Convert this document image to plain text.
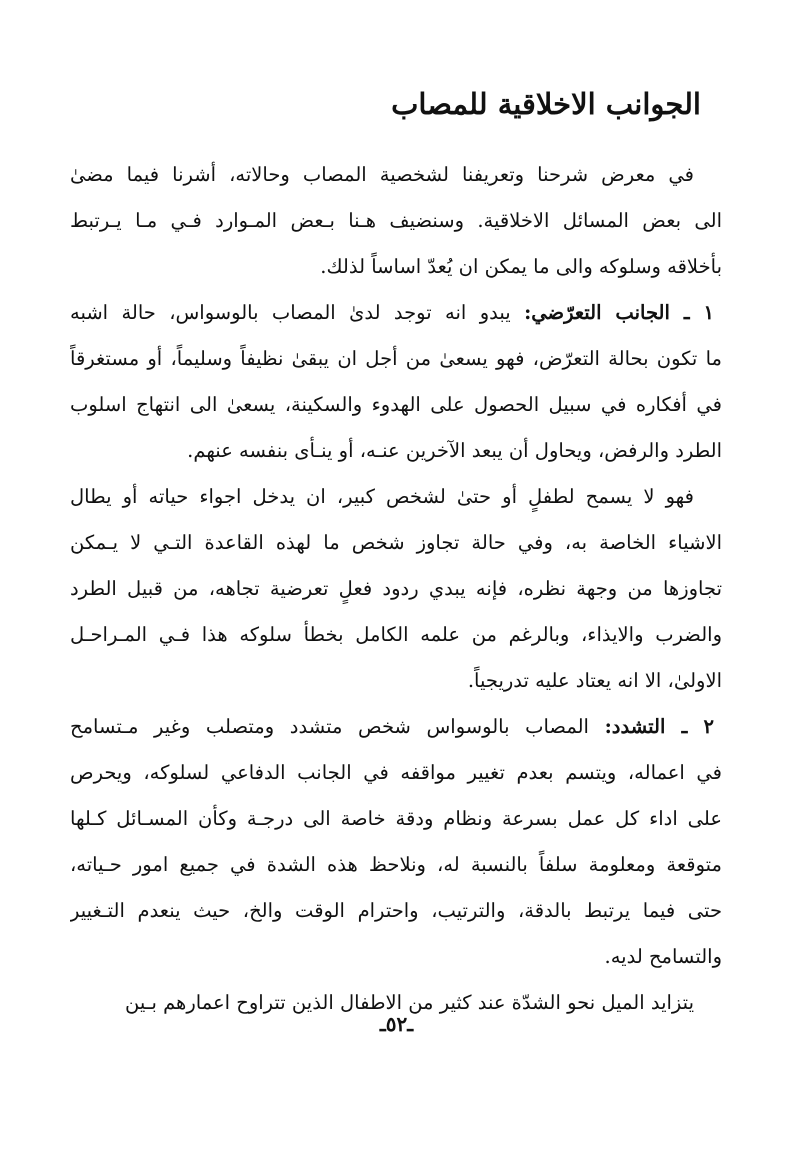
الجوانب الاخلاقية للمصاب
في معرض شرحنا وتعريفنا لشخصية المصاب وحالاته، أشرنا فيما مضىٰ
الى بعض المسائل الاخلاقية. وسنضيف هـنا بـعض المـوارد فـي مـا يـرتبط
بأخلاقه وسلوكه والى ما يمكن ان يُعدّ اساساً لذلك.
١ ـ الجانب التعرّضي: يبدو انه توجد لدىٰ المصاب بالوسواس، حالة اشبه
ما تكون بحالة التعرّض، فهو يسعىٰ من أجل ان يبقىٰ نظيفاً وسليماً، أو مستغرقاً
في أفكاره في سبيل الحصول على الهدوء والسكينة، يسعىٰ الى انتهاج اسلوب
الطرد والرفض، ويحاول أن يبعد الآخرين عنـه، أو ينـأى بنفسه عنهم.
فهو لا يسمح لطفلٍ أو حتىٰ لشخص كبير، ان يدخل اجواء حياته أو يطال
الاشياء الخاصة به، وفي حالة تجاوز شخص ما لهذه القاعدة التـي لا يـمكن
تجاوزها من وجهة نظره، فإنه يبدي ردود فعلٍ تعرضية تجاهه، من قبيل الطرد
والضرب والايذاء، وبالرغم من علمه الكامل بخطأ سلوكه هذا فـي المـراحـل
الاولىٰ، الا انه يعتاد عليه تدريجياً.
٢ ـ التشدد: المصاب بالوسواس شخص متشدد ومتصلب وغير مـتسامح
في اعماله، ويتسم بعدم تغيير مواقفه في الجانب الدفاعي لسلوكه، ويحرص
على اداء كل عمل بسرعة ونظام ودقة خاصة الى درجـة وكأن المسـائل كـلها
متوقعة ومعلومة سلفاً بالنسبة له، ونلاحظ هذه الشدة في جميع امور حـياته،
حتى فيما يرتبط بالدقة، والترتيب، واحترام الوقت والخ، حيث ينعدم التـغيير
والتسامح لديه.
يتزايد الميل نحو الشدّة عند كثير من الاطفال الذين تتراوح اعمارهم بـين
ـ٥٢ـ
